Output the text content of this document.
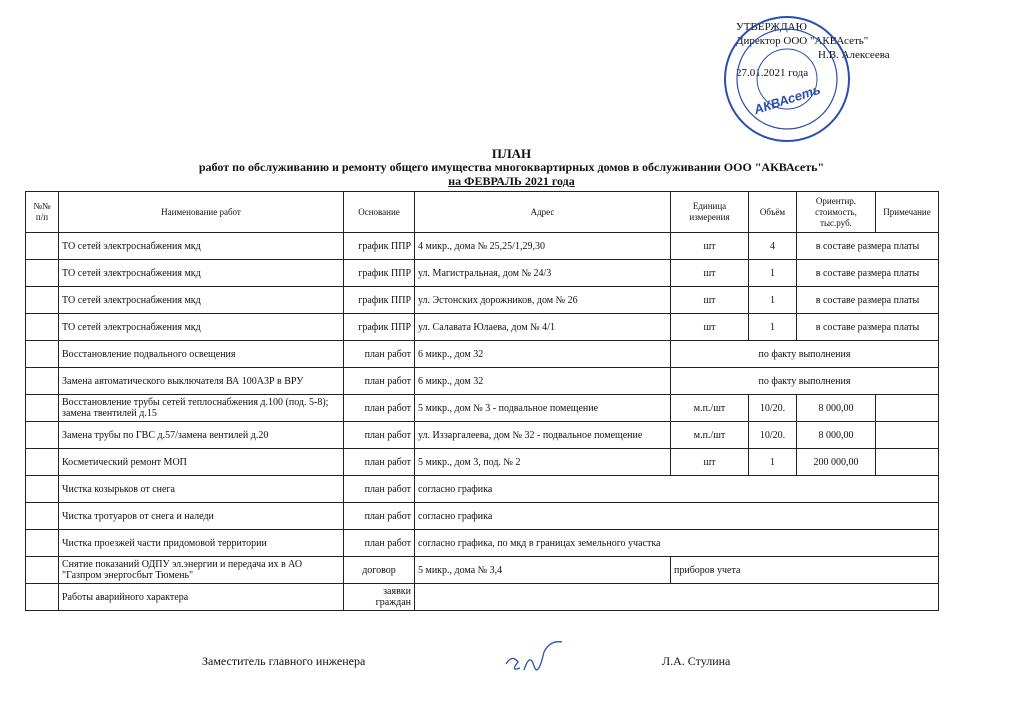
УТВЕРЖДАЮ
Директор ООО "АКВАсеть"
Н.В. Алексеева
27.01.2021 года
АКВАсеть
ПЛАН
работ по обслуживанию и ремонту общего имущества многоквартирных домов в обслуживании ООО "АКВАсеть"
на ФЕВРАЛЬ 2021 года
№№ п/п	Наименование работ	Основание	Адрес	Единица измерения	Объём	Ориентир. стоимость, тыс.руб.	Примечание
	ТО сетей электроснабжения мкд	график ППР	4 микр., дома № 25,25/1,29,30	шт	4	в составе размера платы	
	ТО сетей электроснабжения мкд	график ППР	ул. Магистральная, дом № 24/3	шт	1	в составе размера платы	
	ТО сетей электроснабжения мкд	график ППР	ул. Эстонских дорожников, дом № 26	шт	1	в составе размера платы	
	ТО сетей электроснабжения мкд	график ППР	ул. Салавата Юлаева, дом № 4/1	шт	1	в составе размера платы	
	Восстановление подвального освещения	план работ	6 микр., дом 32	по факту выполнения			
	Замена автоматического выключателя ВА 100А3Р в ВРУ	план работ	6 микр., дом 32	по факту выполнения			
	Восстановление трубы сетей теплоснабжения д.100 (под. 5-8); замена твентилей д.15	план работ	5 микр., дом № 3 - подвальное помещение	м.п./шт	10/20.	8 000,00	
	Замена трубы по ГВС д.57/замена вентилей д.20	план работ	ул. Иззаргалеева, дом № 32 - подвальное помещение	м.п./шт	10/20.	8 000,00	
	Косметический ремонт МОП	план работ	5 микр., дом 3, под. № 2	шт	1	200 000,00	
	Чистка козырьков от снега	план работ	согласно графика				
	Чистка тротуаров от снега и наледи	план работ	согласно графика				
	Чистка проезжей части придомовой территории	план работ	согласно графика, по мкд в границах земельного участка				
	Снятие показаний ОДПУ эл.энергии и передача их в АО "Газпром энергосбыт Тюмень"	договор	5 микр., дома № 3,4	приборов учета			
	Работы аварийного характера	заявки граждан					
Заместитель главного инженера	Л.А. Стулина
